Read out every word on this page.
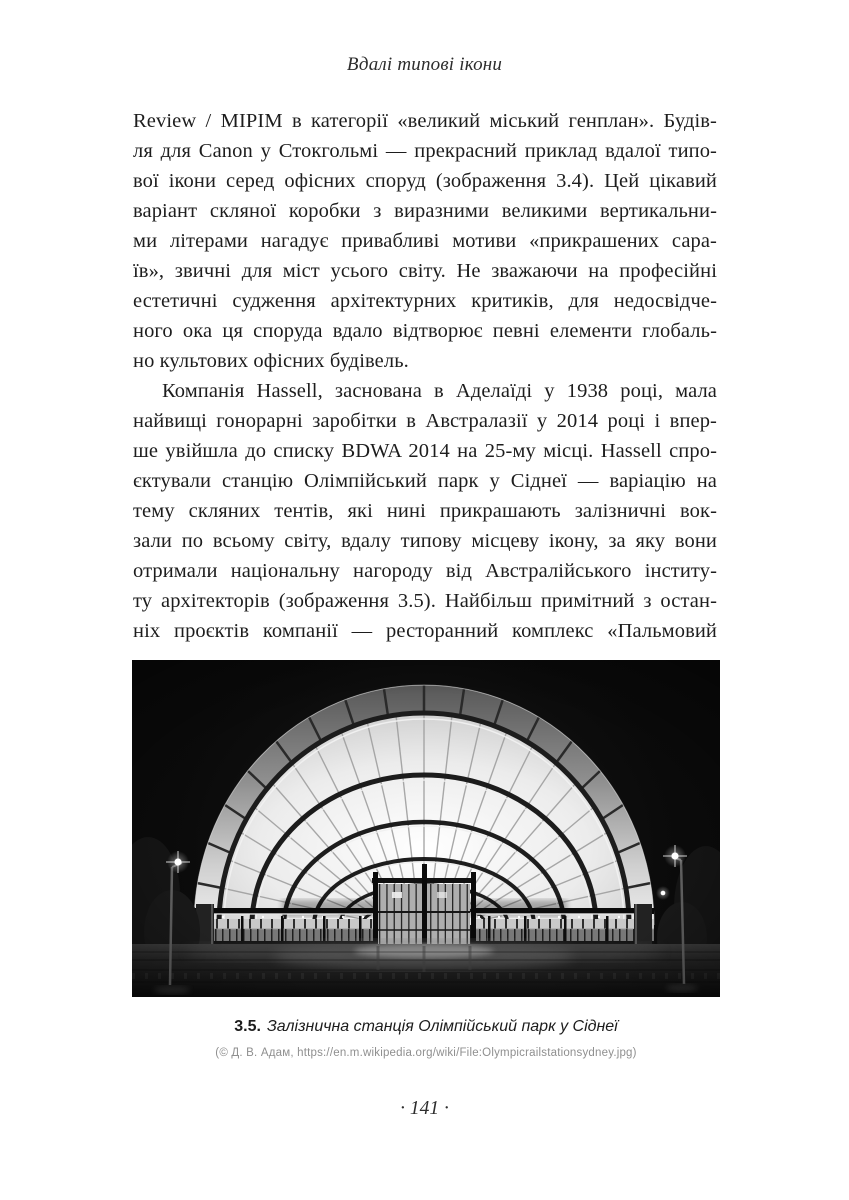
Вдалі типові ікони
Review / MIPIM в категорії «великий міський генплан». Будів-
ля для Canon у Стокгольмі — прекрасний приклад вдалої типо-
вої ікони серед офісних споруд (зображення 3.4). Цей цікавий
варіант скляної коробки з виразними великими вертикальни-
ми літерами нагадує привабливі мотиви «прикрашених сара-
їв», звичні для міст усього світу. Не зважаючи на професійні
естетичні судження архітектурних критиків, для недосвідче-
ного ока ця споруда вдало відтворює певні елементи глобаль-
но культових офісних будівель.
Компанія Hassell, заснована в Аделаїді у 1938 році, мала
найвищі гонорарні заробітки в Австралазії у 2014 році і впер-
ше увійшла до списку BDWA 2014 на 25-му місці. Hassell спро-
єктували станцію Олімпійський парк у Сіднеї — варіацію на
тему скляних тентів, які нині прикрашають залізничні вок-
зали по всьому світу, вдалу типову місцеву ікону, за яку вони
отримали національну нагороду від Австралійського інститу-
ту архітекторів (зображення 3.5). Найбільш примітний з остан-
ніх проєктів компанії — ресторанний комплекс «Пальмовий
3.5. Залізнична станція Олімпійський парк у Сіднеї
(© Д. В. Адам, https://en.m.wikipedia.org/wiki/File:Olympicrailstationsydney.jpg)
· 141 ·
